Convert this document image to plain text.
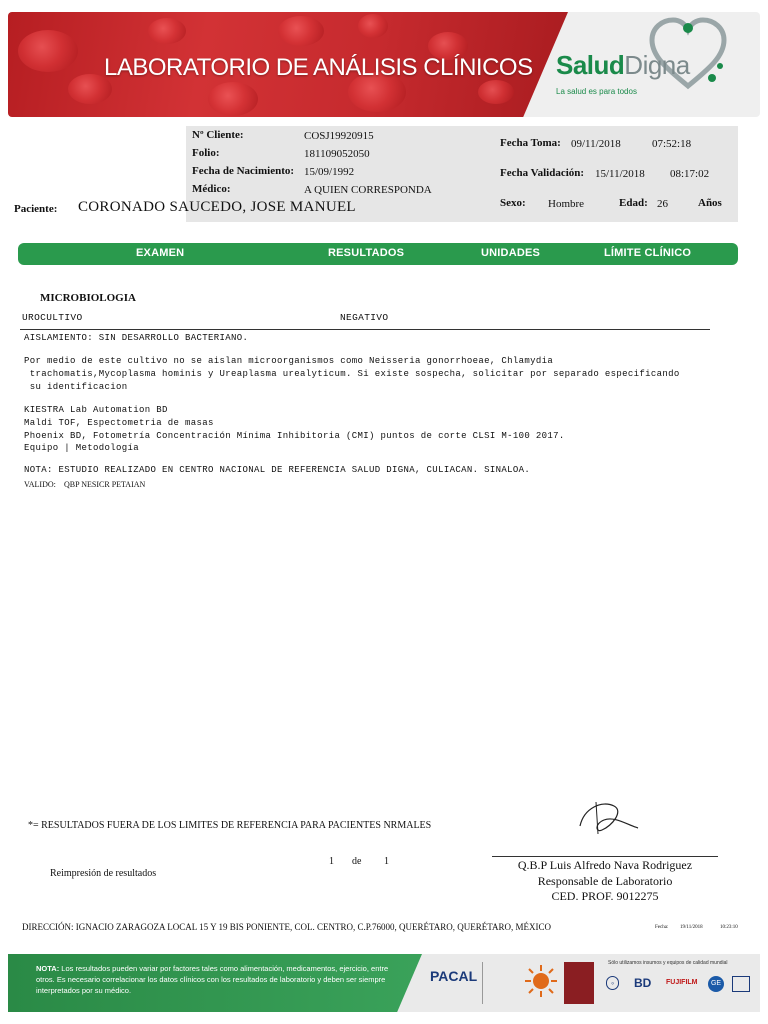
LABORATORIO DE ANÁLISIS CLÍNICOS SaludDigna
La salud es para todos
Nº Cliente:	COSJ19920915
Folio:	181109052050
Fecha de Nacimiento: 15/09/1992
Médico:	A QUIEN CORRESPONDA
Paciente: CORONADO SAUCEDO, JOSE MANUEL
Fecha Toma: 09/11/2018	07:52:18
Fecha Validación: 15/11/2018 08:17:02
Sexo: Hombre	Edad: 26	Años
EXAMEN	RESULTADOS	UNIDADES	LÍMITE CLÍNICO
MICROBIOLOGIA
UROCULTIVO	NEGATIVO
AISLAMIENTO: SIN DESARROLLO BACTERIANO.
Por medio de este cultivo no se aislan microorganismos como Neisseria gonorrhoeae, Chlamydia
trachomatis,Mycoplasma hominis y Ureaplasma urealyticum. Si existe sospecha, solicitar por separado especificando
su identificacion
KIESTRA Lab Automation BD
Maldi TOF, Espectometria de masas
Phoenix BD, Fotometría Concentración Mínima Inhibitoria (CMI) puntos de corte CLSI M-100 2017.
Equipo | Metodología
NOTA: ESTUDIO REALIZADO EN CENTRO NACIONAL DE REFERENCIA SALUD DIGNA, CULIACAN. SINALOA.
VALIDO: QBP NESICR PETAIAN
*= RESULTADOS FUERA DE LOS LIMITES DE REFERENCIA PARA PACIENTES NRMALES
1 de 1
Reimpresión de resultados
Q.B.P Luis Alfredo Nava Rodriguez
Responsable de Laboratorio
CED. PROF. 9012275
DIRECCIÓN: IGNACIO ZARAGOZA LOCAL 15 Y 19 BIS PONIENTE, COL. CENTRO, C.P.76000, QUERÉTARO, QUERÉTARO, MÉXICO	Fecha: 19/11/2018	10:23:10
NOTA: Los resultados pueden variar por factores tales como alimentación, medicamentos, ejercicio, entre otros. Es necesario correlacionar los datos clínicos con los resultados de laboratorio y deben ser siempre interpretados por su médico.
PACAL
Sólo utilizamos insumos y equipos de calidad mundial
◦	BD FUJIFILM	GE
